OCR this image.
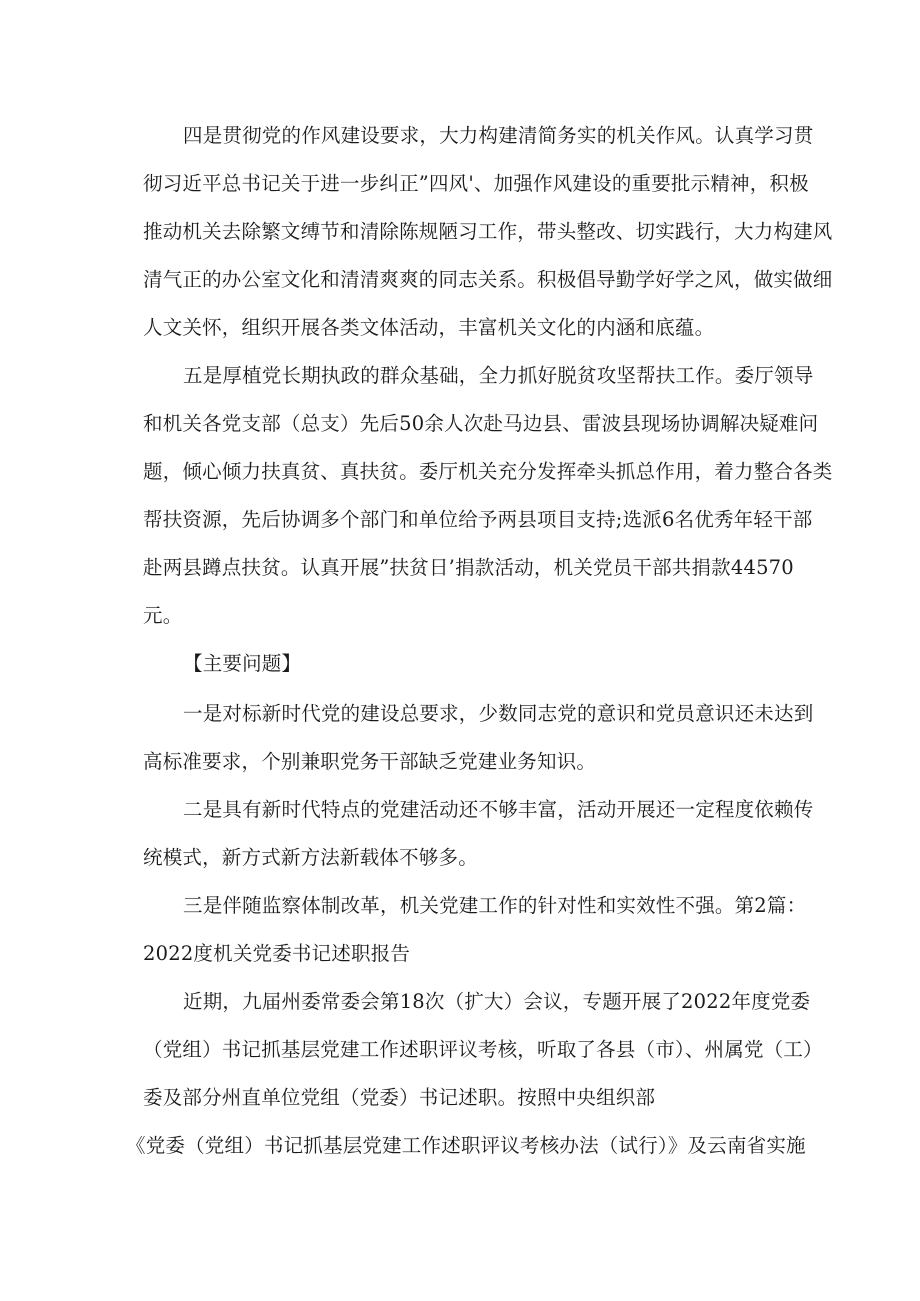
四是贯彻党的作风建设要求，大力构建清简务实的机关作风。认真学习贯
彻习近平总书记关于进一步纠正”四风'、加强作风建设的重要批示精神，积极
推动机关去除繁文缚节和清除陈规陋习工作，带头整改、切实践行，大力构建风
清气正的办公室文化和清清爽爽的同志关系。积极倡导勤学好学之风，做实做细
人文关怀，组织开展各类文体活动，丰富机关文化的内涵和底蕴。
五是厚植党长期执政的群众基础，全力抓好脱贫攻坚帮扶工作。委厅领导
和机关各党支部（总支）先后50余人次赴马边县、雷波县现场协调解决疑难问
题，倾心倾力扶真贫、真扶贫。委厅机关充分发挥牵头抓总作用，着力整合各类
帮扶资源，先后协调多个部门和单位给予两县项目支持;选派6名优秀年轻干部
赴两县蹲点扶贫。认真开展”扶贫日’捐款活动，机关党员干部共捐款44570
元。
【主要问题】
一是对标新时代党的建设总要求，少数同志党的意识和党员意识还未达到
高标准要求，个别兼职党务干部缺乏党建业务知识。
二是具有新时代特点的党建活动还不够丰富，活动开展还一定程度依赖传
统模式，新方式新方法新载体不够多。
三是伴随监察体制改革，机关党建工作的针对性和实效性不强。第2篇：
2022度机关党委书记述职报告
近期，九届州委常委会第18次（扩大）会议，专题开展了2022年度党委
（党组）书记抓基层党建工作述职评议考核，听取了各县（市）、州属党（工）
委及部分州直单位党组（党委）书记述职。按照中央组织部
《党委（党组）书记抓基层党建工作述职评议考核办法（试行）》及云南省实施
